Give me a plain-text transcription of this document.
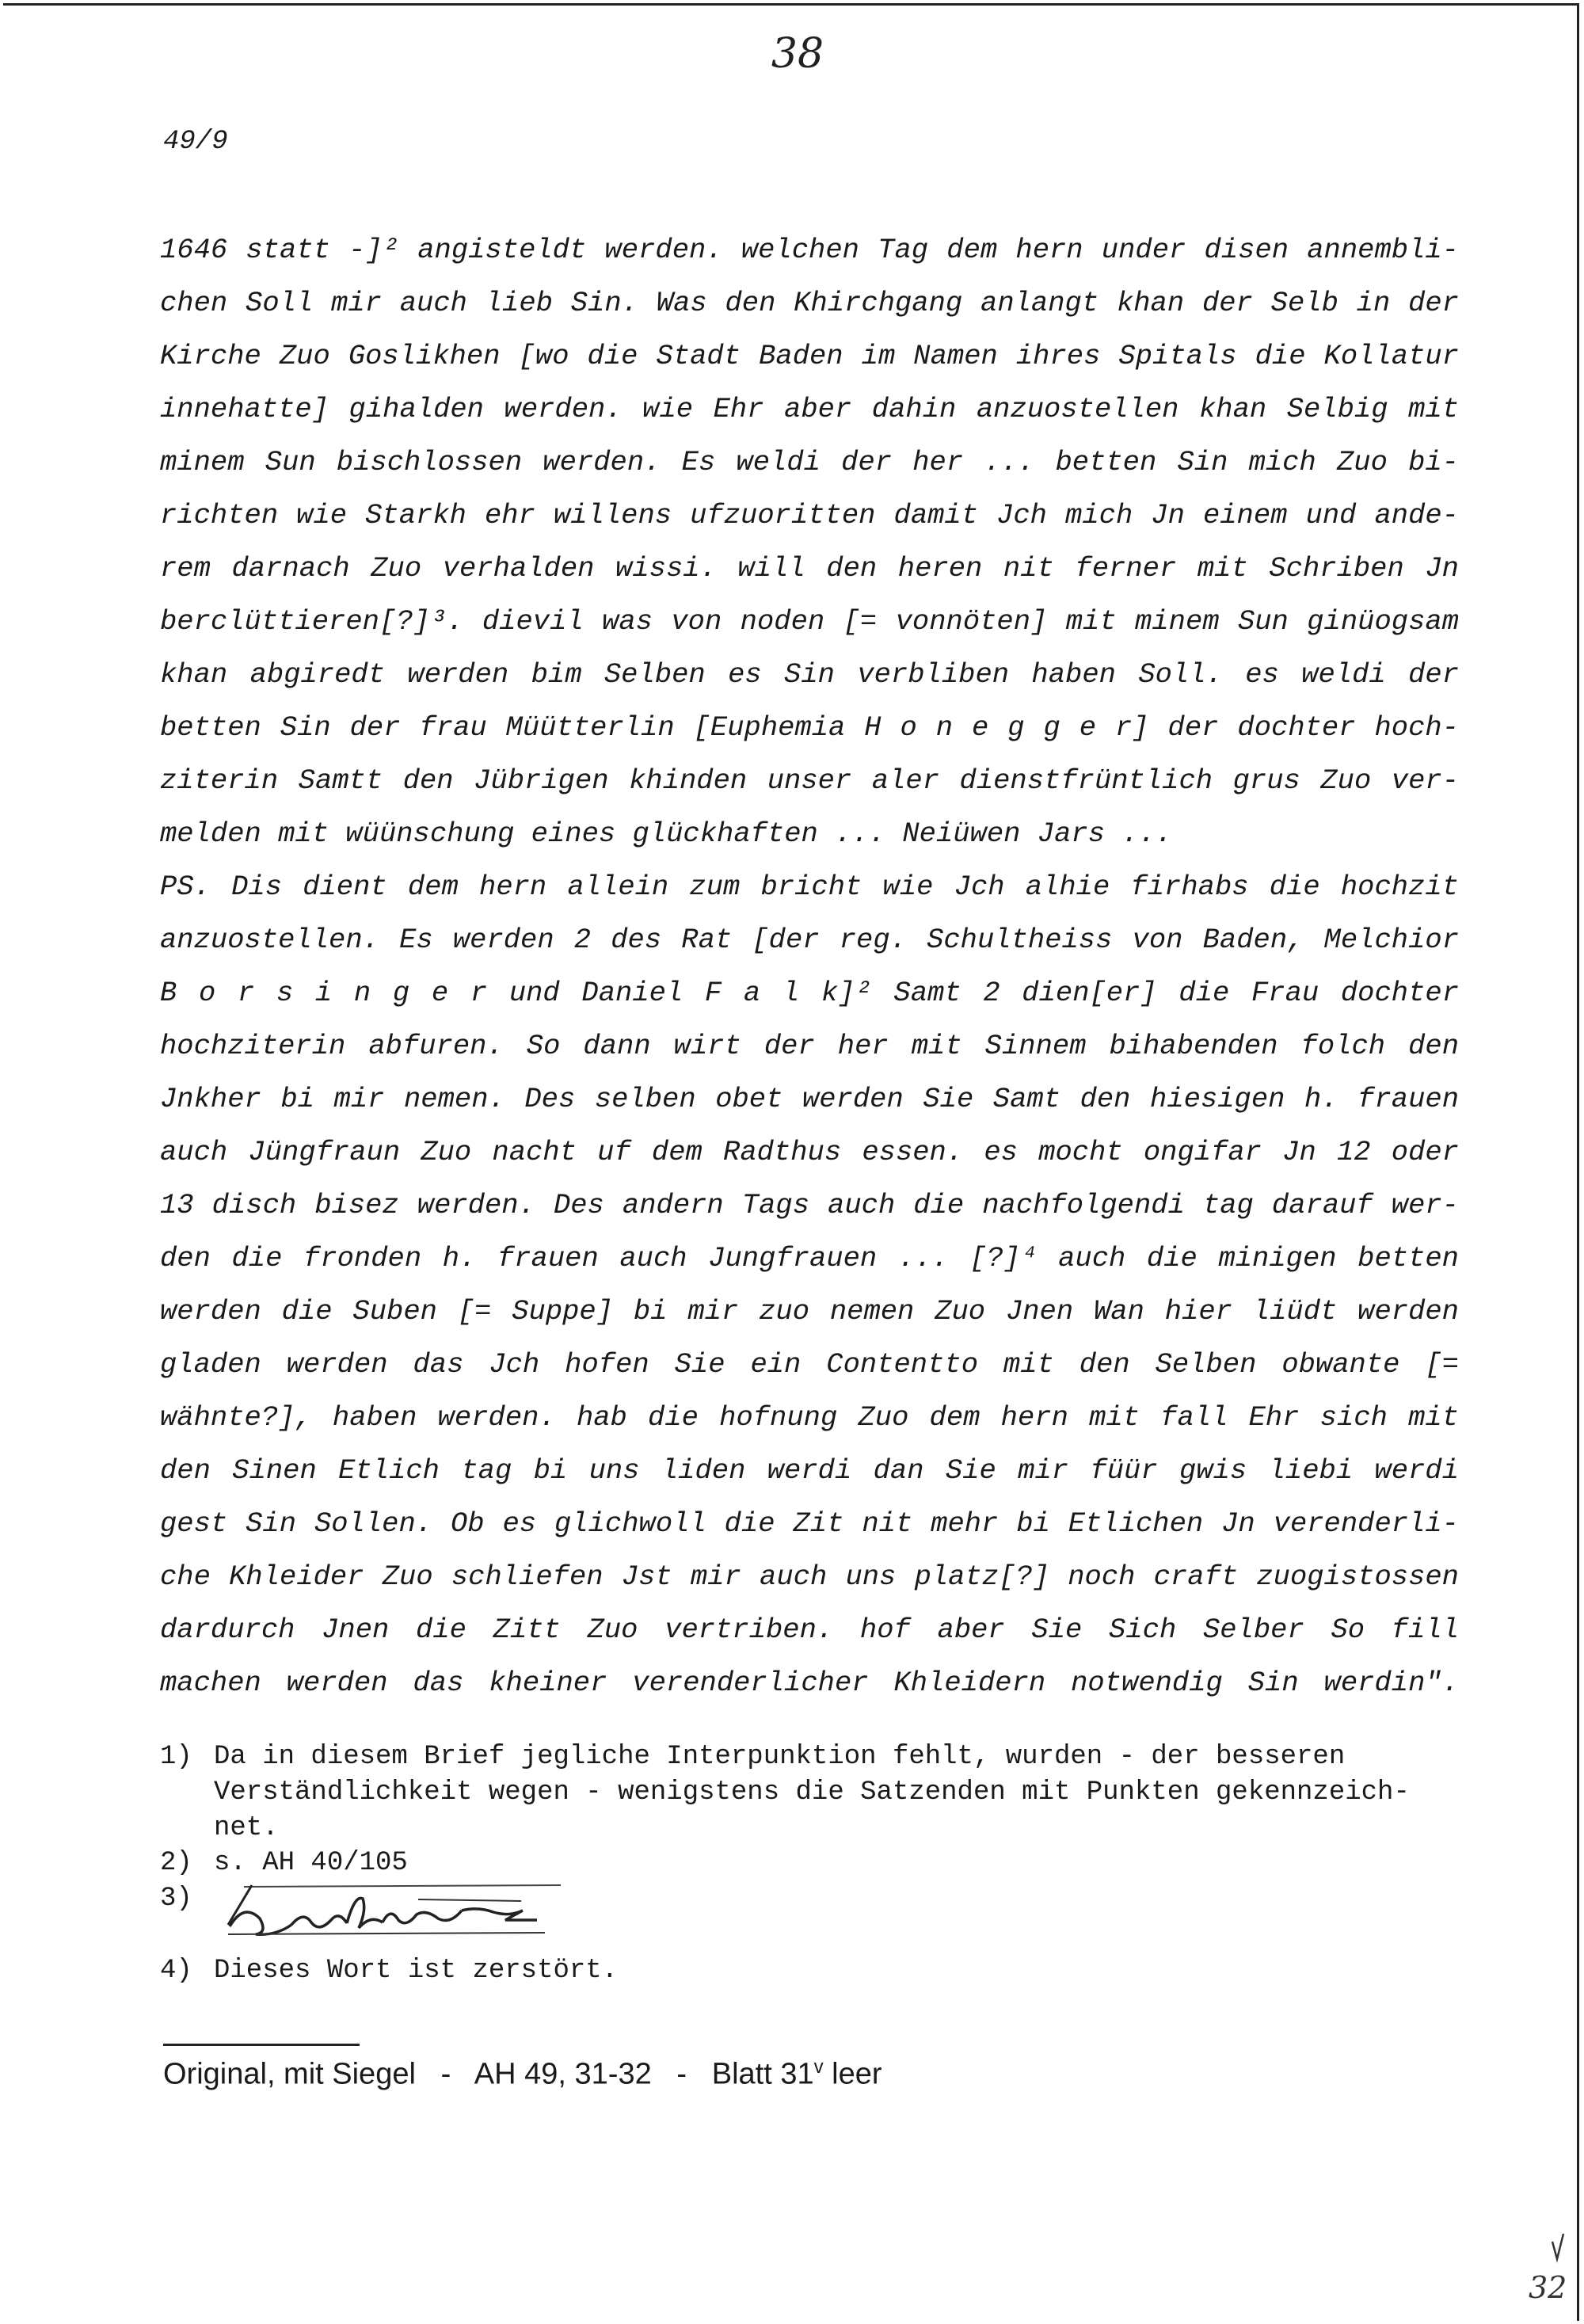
38
49/9
1646 statt -]² angisteldt werden. welchen Tag dem hern under disen annembli-
chen Soll mir auch lieb Sin. Was den Khirchgang anlangt khan der Selb in der
Kirche Zuo Goslikhen [wo die Stadt Baden im Namen ihres Spitals die Kollatur
innehatte] gihalden werden. wie Ehr aber dahin anzuostellen khan Selbig mit
minem Sun bischlossen werden. Es weldi der her ... betten Sin mich Zuo bi-
richten wie Starkh ehr willens ufzuoritten damit Jch mich Jn einem und ande-
rem darnach Zuo verhalden wissi. will den heren nit ferner mit Schriben Jn
berclüttieren[?]³. dievil was von noden [= vonnöten] mit minem Sun ginüogsam
khan abgiredt werden bim Selben es Sin verbliben haben Soll. es weldi der
betten Sin der frau Müütterlin [Euphemia H o n e g g e r] der dochter hoch-
ziterin Samtt den Jübrigen khinden unser aler dienstfrüntlich grus Zuo ver-
melden mit wüünschung eines glückhaften ... Neiüwen Jars ...
PS. Dis dient dem hern allein zum bricht wie Jch alhie firhabs die hochzit
anzuostellen. Es werden 2 des Rat [der reg. Schultheiss von Baden, Melchior
B o r s i n g e r und Daniel F a l k]² Samt 2 dien[er] die Frau dochter
hochziterin abfuren. So dann wirt der her mit Sinnem bihabenden folch den
Jnkher bi mir nemen. Des selben obet werden Sie Samt den hiesigen h. frauen
auch Jüngfraun Zuo nacht uf dem Radthus essen. es mocht ongifar Jn 12 oder
13 disch bisez werden. Des andern Tags auch die nachfolgendi tag darauf wer-
den die fronden h. frauen auch Jungfrauen ... [?]⁴ auch die minigen betten
werden die Suben [= Suppe] bi mir zuo nemen Zuo Jnen Wan hier liüdt werden
gladen werden das Jch hofen Sie ein Contentto mit den Selben obwante [=
wähnte?], haben werden. hab die hofnung Zuo dem hern mit fall Ehr sich mit
den Sinen Etlich tag bi uns liden werdi dan Sie mir füür gwis liebi werdi
gest Sin Sollen. Ob es glichwoll die Zit nit mehr bi Etlichen Jn verenderli-
che Khleider Zuo schliefen Jst mir auch uns platz[?] noch craft zuogistossen
dardurch Jnen die Zitt Zuo vertriben. hof aber Sie Sich Selber So fill
machen werden das kheiner verenderlicher Khleidern notwendig Sin werdin".
1) Da in diesem Brief jegliche Interpunktion fehlt, wurden - der besseren
Verständlichkeit wegen - wenigstens die Satzenden mit Punkten gekennzeich-
net.
2) s. AH 40/105
3)
4) Dieses Wort ist zerstört.
Original, mit Siegel   -   AH 49, 31-32   -   Blatt 31$^v$ leer
32
